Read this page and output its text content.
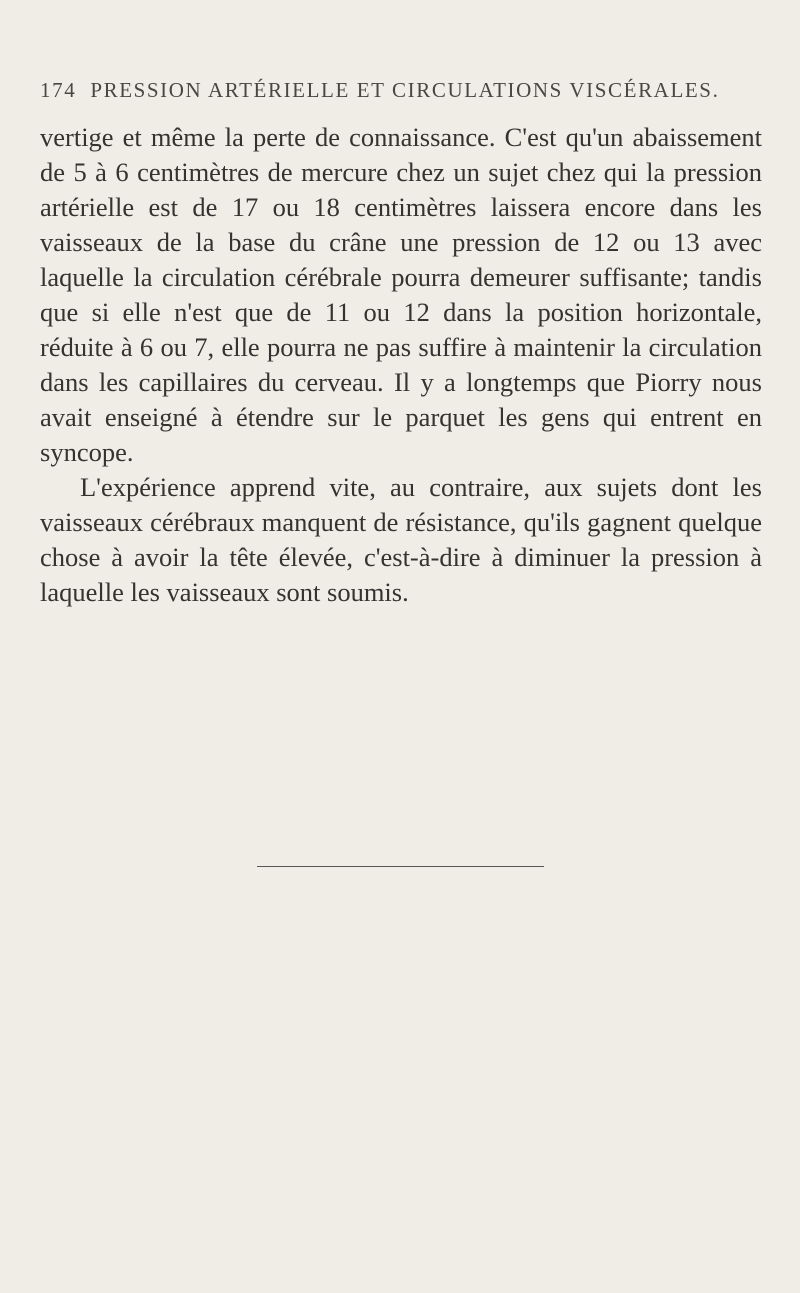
174 PRESSION ARTÉRIELLE ET CIRCULATIONS VISCÉRALES.

vertige et même la perte de connaissance. C'est qu'un abaissement de 5 à 6 centimètres de mercure chez un sujet chez qui la pression artérielle est de 17 ou 18 centimètres laissera encore dans les vaisseaux de la base du crâne une pression de 12 ou 13 avec laquelle la circulation cérébrale pourra demeurer suffisante; tandis que si elle n'est que de 11 ou 12 dans la position horizontale, réduite à 6 ou 7, elle pourra ne pas suffire à maintenir la circulation dans les capillaires du cerveau. Il y a longtemps que Piorry nous avait enseigné à étendre sur le parquet les gens qui entrent en syncope.

L'expérience apprend vite, au contraire, aux sujets dont les vaisseaux cérébraux manquent de résistance, qu'ils gagnent quelque chose à avoir la tête élevée, c'est-à-dire à diminuer la pression à laquelle les vaisseaux sont soumis.
